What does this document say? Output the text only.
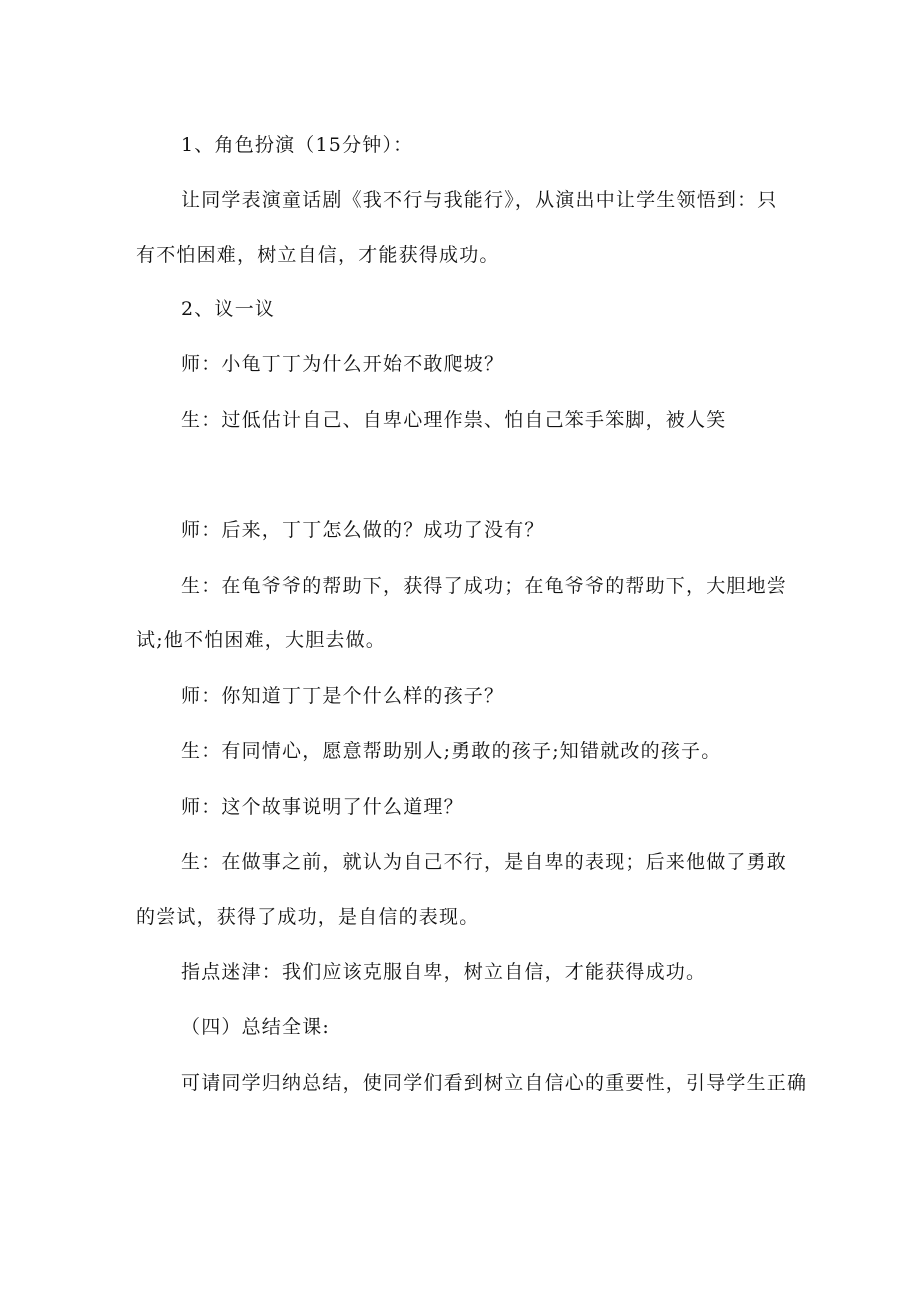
1、角色扮演（15分钟）：
让同学表演童话剧《我不行与我能行》，从演出中让学生领悟到：只
有不怕困难，树立自信，才能获得成功。
2、议一议
师：小龟丁丁为什么开始不敢爬坡？
生：过低估计自己、自卑心理作祟、怕自己笨手笨脚，被人笑
师：后来，丁丁怎么做的？成功了没有？
生：在龟爷爷的帮助下，获得了成功；在龟爷爷的帮助下，大胆地尝
试;他不怕困难，大胆去做。
师：你知道丁丁是个什么样的孩子？
生：有同情心，愿意帮助别人;勇敢的孩子;知错就改的孩子。
师：这个故事说明了什么道理？
生：在做事之前，就认为自己不行，是自卑的表现；后来他做了勇敢
的尝试，获得了成功，是自信的表现。
指点迷津：我们应该克服自卑，树立自信，才能获得成功。
（四）总结全课:
可请同学归纳总结，使同学们看到树立自信心的重要性，引导学生正确
